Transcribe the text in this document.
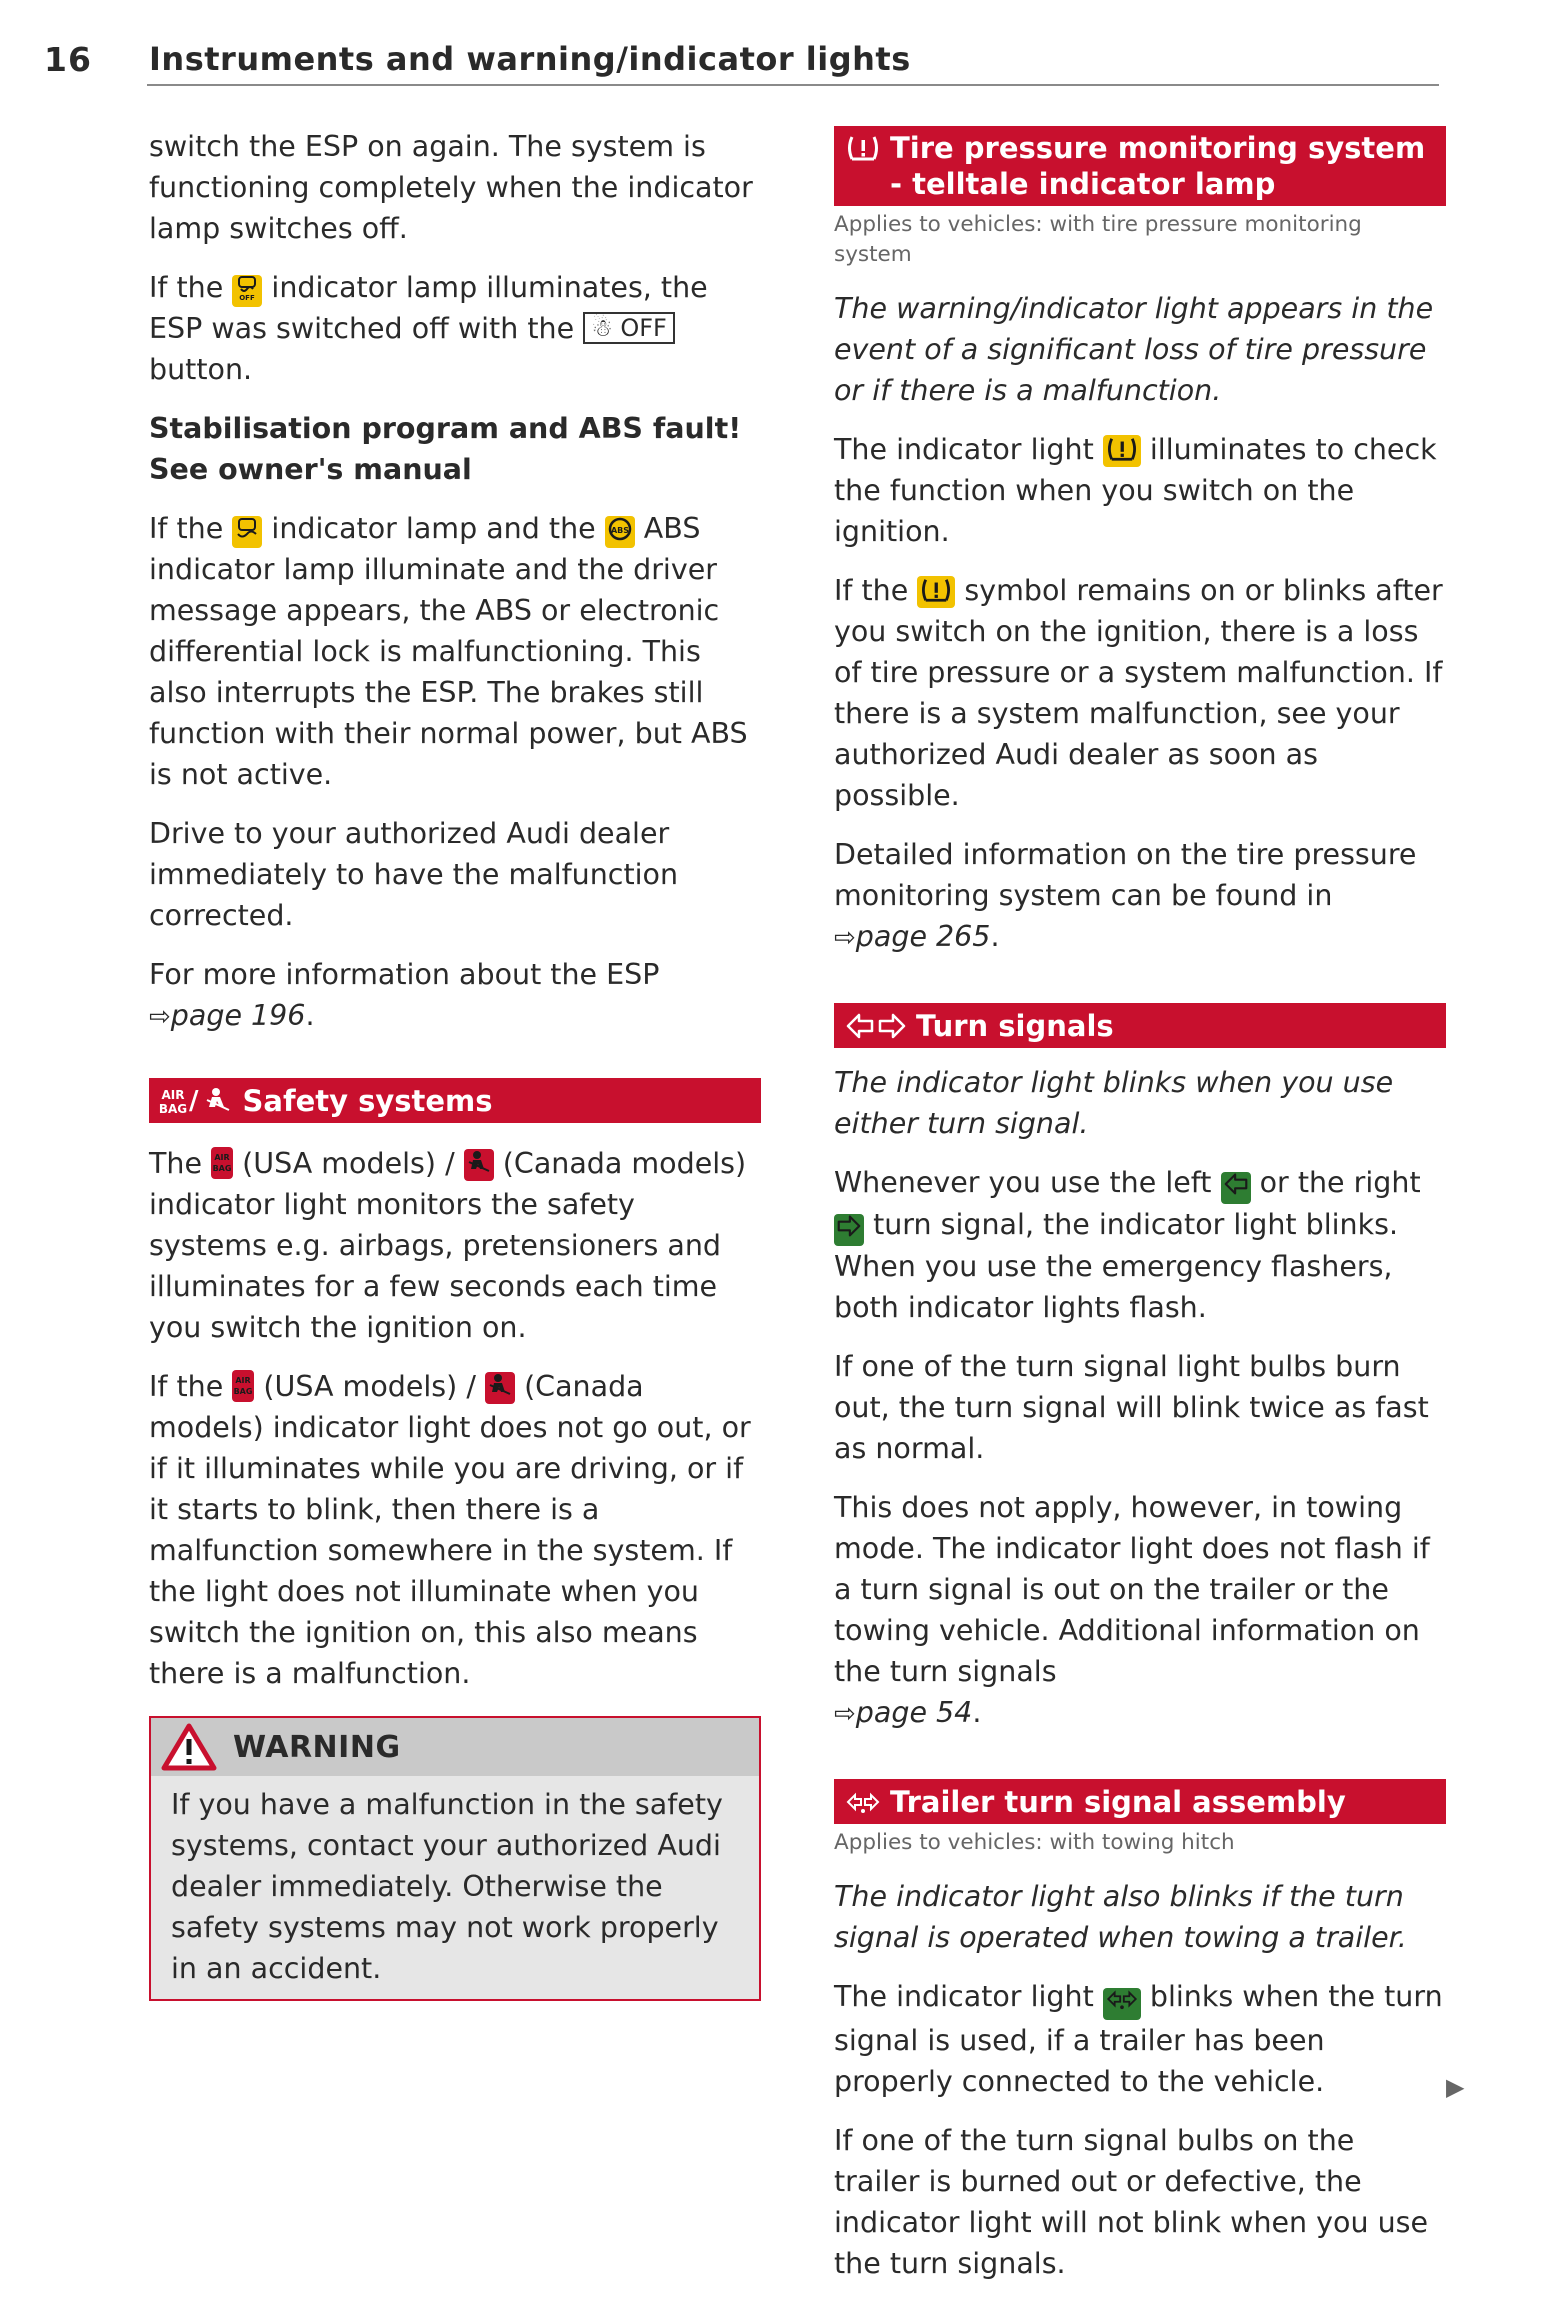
16 Instruments and warning/indicator lights

switch the ESP on again. The system is functioning completely when the indicator lamp switches off.

If the OFF indicator lamp illuminates, the ESP was switched off with the ☃ OFF button.

Stabilisation program and ABS fault! See owner's manual

If the indicator lamp and the ABS ABS indicator lamp illuminate and the driver message appears, the ABS or electronic differential lock is malfunctioning. This also interrupts the ESP. The brakes still function with their normal power, but ABS is not active.

Drive to your authorized Audi dealer immediately to have the malfunction corrected.

For more information about the ESP
⇨page 196.

AIR
BAG / Safety systems

The AIR
BAG (USA models) / (Canada models) indicator light monitors the safety systems e.g. airbags, pretensioners and illuminates for a few seconds each time you switch the ignition on.

If the AIR
BAG (USA models) / (Canada models) indicator light does not go out, or if it illuminates while you are driving, or if it starts to blink, then there is a malfunction somewhere in the system. If the light does not illuminate when you switch the ignition on, this also means there is a malfunction.

WARNING
If you have a malfunction in the safety systems, contact your authorized Audi dealer immediately. Otherwise the safety systems may not work properly in an accident.
Tire pressure monitoring system - telltale indicator lamp
Applies to vehicles: with tire pressure monitoring system

The warning/indicator light appears in the event of a significant loss of tire pressure or if there is a malfunction.

The indicator light illuminates to check the function when you switch on the ignition.

If the symbol remains on or blinks after you switch on the ignition, there is a loss of tire pressure or a system malfunction. If there is a system malfunction, see your authorized Audi dealer as soon as possible.

Detailed information on the tire pressure monitoring system can be found in
⇨page 265.

Turn signals

The indicator light blinks when you use either turn signal.

Whenever you use the left or the right  turn signal, the indicator light blinks. When you use the emergency flashers, both indicator lights flash.

If one of the turn signal light bulbs burn out, the turn signal will blink twice as fast as normal.

This does not apply, however, in towing mode. The indicator light does not flash if a turn signal is out on the trailer or the towing vehicle. Additional information on the turn signals
⇨page 54.

Trailer turn signal assembly
Applies to vehicles: with towing hitch

The indicator light also blinks if the turn signal is operated when towing a trailer.

The indicator light blinks when the turn signal is used, if a trailer has been properly connected to the vehicle.

If one of the turn signal bulbs on the trailer is burned out or defective, the indicator light will not blink when you use the turn signals.

▶
